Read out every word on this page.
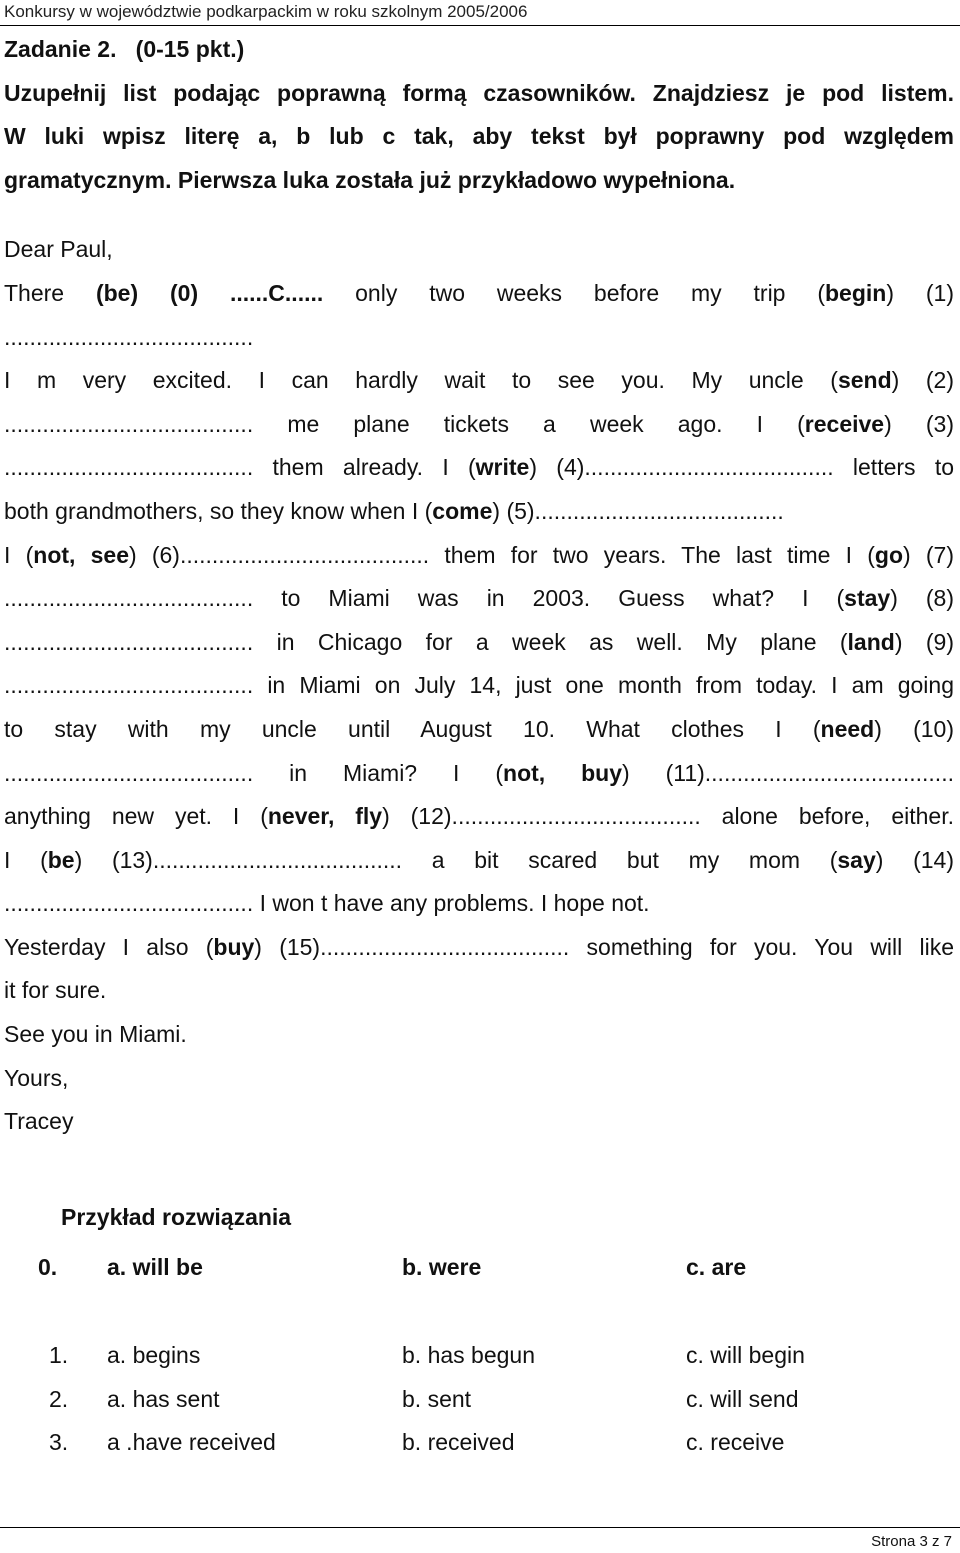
Konkursy w województwie podkarpackim w roku szkolnym 2005/2006
Zadanie 2.   (0-15 pkt.)
Uzupełnij list podając poprawną formą czasowników. Znajdziesz je pod listem.
W luki wpisz literę a, b lub c tak, aby tekst był poprawny pod względem
gramatycznym. Pierwsza luka została już przykładowo wypełniona.
Dear Paul,
There (be) (0) ......C...... only two weeks before my trip (begin) (1)
.......................................
I m very excited. I can hardly wait to see you. My uncle (send) (2)
....................................... me plane tickets a week ago. I (receive) (3)
....................................... them already. I (write) (4)....................................... letters to
both grandmothers, so they know when I (come) (5).......................................
I (not, see) (6)....................................... them for two years. The last time I (go) (7)
....................................... to Miami was in 2003. Guess what? I (stay) (8)
....................................... in Chicago for a week as well. My plane (land) (9)
....................................... in Miami on July 14, just one month from today. I am going
to stay with my uncle until August 10. What clothes I (need) (10)
....................................... in Miami? I (not, buy) (11).......................................
anything new yet. I (never, fly) (12)....................................... alone before, either.
I (be) (13)....................................... a bit scared but my mom (say) (14)
....................................... I won t have any problems. I hope not.
Yesterday I also (buy) (15)....................................... something for you. You will like
it for sure.
See you in Miami.
Yours,
Tracey
Przykład rozwiązania
0. a. will be	b. were	c. are
1. a. begins	b. has begun	c. will begin
2. a. has sent	b. sent	c. will send
3. a .have received	b. received	c. receive
Strona 3 z 7
